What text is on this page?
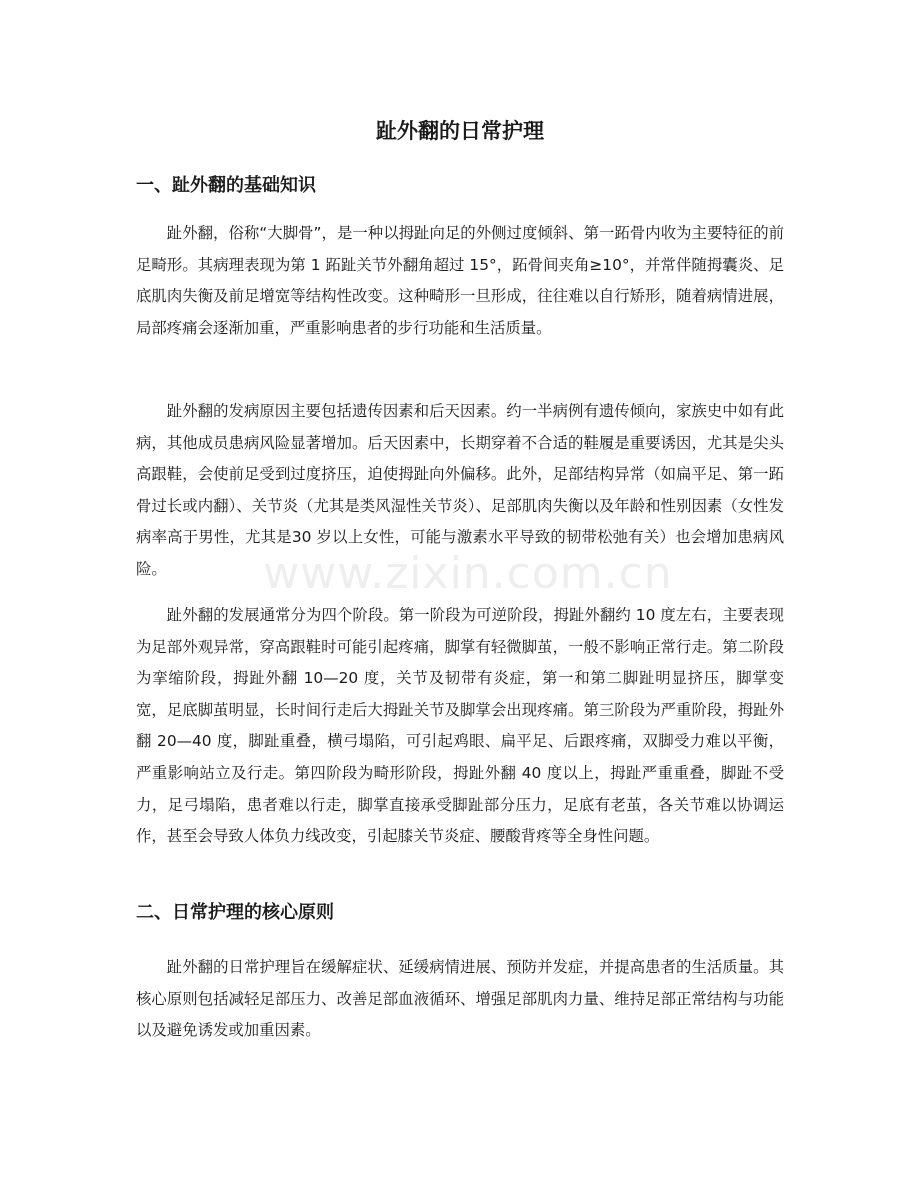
趾外翻的日常护理
一、趾外翻的基础知识

趾外翻，俗称“大脚骨”，是一种以拇趾向足的外侧过度倾斜、第一跖骨内收为主要特征的前足畸形。其病理表现为第 1 跖趾关节外翻角超过 15°，跖骨间夹角≥10°，并常伴随拇囊炎、足底肌肉失衡及前足增宽等结构性改变。这种畸形一旦形成，往往难以自行矫形，随着病情进展，局部疼痛会逐渐加重，严重影响患者的步行功能和生活质量。

趾外翻的发病原因主要包括遗传因素和后天因素。约一半病例有遗传倾向，家族史中如有此病，其他成员患病风险显著增加。后天因素中，长期穿着不合适的鞋履是重要诱因，尤其是尖头高跟鞋，会使前足受到过度挤压，迫使拇趾向外偏移。此外，足部结构异常（如扁平足、第一跖骨过长或内翻）、关节炎（尤其是类风湿性关节炎）、足部肌肉失衡以及年龄和性别因素（女性发病率高于男性，尤其是30 岁以上女性，可能与激素水平导致的韧带松弛有关）也会增加患病风险。

趾外翻的发展通常分为四个阶段。第一阶段为可逆阶段，拇趾外翻约 10 度左右，主要表现为足部外观异常，穿高跟鞋时可能引起疼痛，脚掌有轻微脚茧，一般不影响正常行走。第二阶段为挛缩阶段，拇趾外翻 10—20 度，关节及韧带有炎症，第一和第二脚趾明显挤压，脚掌变宽，足底脚茧明显，长时间行走后大拇趾关节及脚掌会出现疼痛。第三阶段为严重阶段，拇趾外翻 20—40 度，脚趾重叠，横弓塌陷，可引起鸡眼、扁平足、后跟疼痛，双脚受力难以平衡，严重影响站立及行走。第四阶段为畸形阶段，拇趾外翻 40 度以上，拇趾严重重叠，脚趾不受力，足弓塌陷，患者难以行走，脚掌直接承受脚趾部分压力，足底有老茧，各关节难以协调运作，甚至会导致人体负力线改变，引起膝关节炎症、腰酸背疼等全身性问题。

二、日常护理的核心原则

趾外翻的日常护理旨在缓解症状、延缓病情进展、预防并发症，并提高患者的生活质量。其核心原则包括减轻足部压力、改善足部血液循环、增强足部肌肉力量、维持足部正常结构与功能以及避免诱发或加重因素。

www.zixin.com.cn
